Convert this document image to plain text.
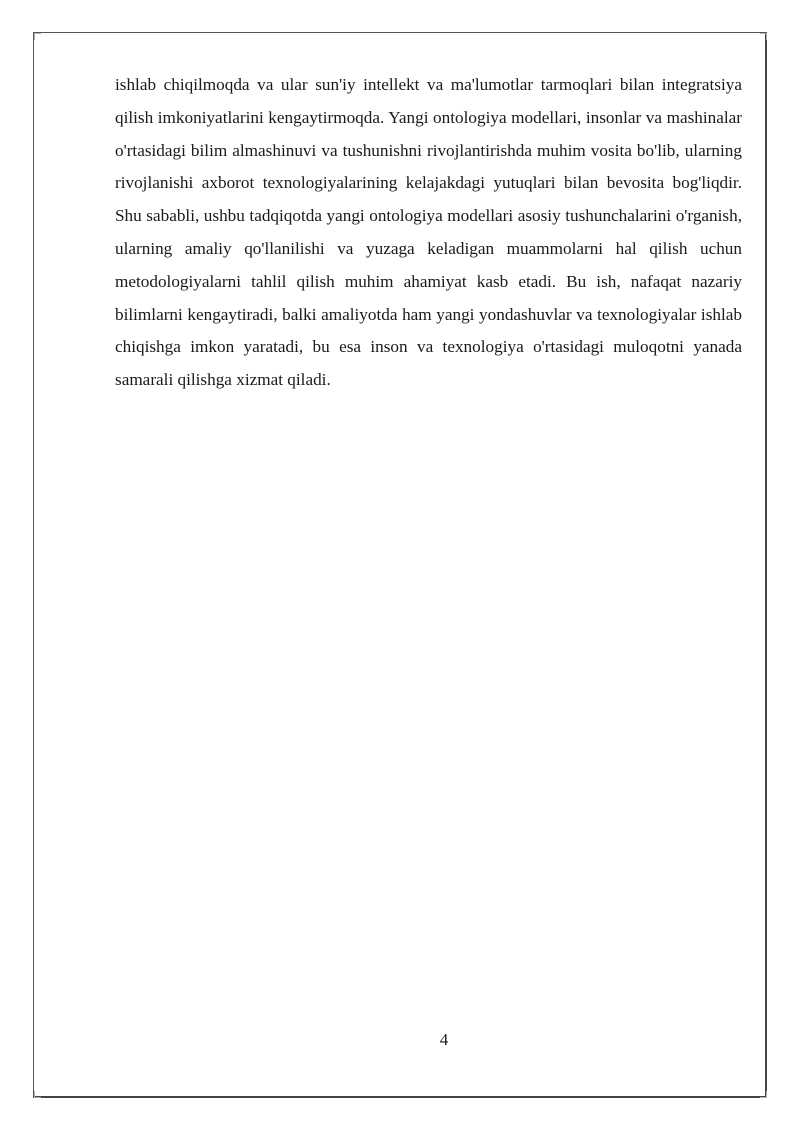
ishlab chiqilmoqda va ular sun'iy intellekt va ma'lumotlar tarmoqlari bilan integratsiya qilish imkoniyatlarini kengaytirmoqda. Yangi ontologiya modellari, insonlar va mashinalar o'rtasidagi bilim almashinuvi va tushunishni rivojlantirishda muhim vosita bo'lib, ularning rivojlanishi axborot texnologiyalarining kelajakdagi yutuqlari bilan bevosita bog'liqdir. Shu sababli, ushbu tadqiqotda yangi ontologiya modellari asosiy tushunchalarini o'rganish, ularning amaliy qo'llanilishi va yuzaga keladigan muammolarni hal qilish uchun metodologiyalarni tahlil qilish muhim ahamiyat kasb etadi. Bu ish, nafaqat nazariy bilimlarni kengaytiradi, balki amaliyotda ham yangi yondashuvlar va texnologiyalar ishlab chiqishga imkon yaratadi, bu esa inson va texnologiya o'rtasidagi muloqotni yanada samarali qilishga xizmat qiladi.

4
